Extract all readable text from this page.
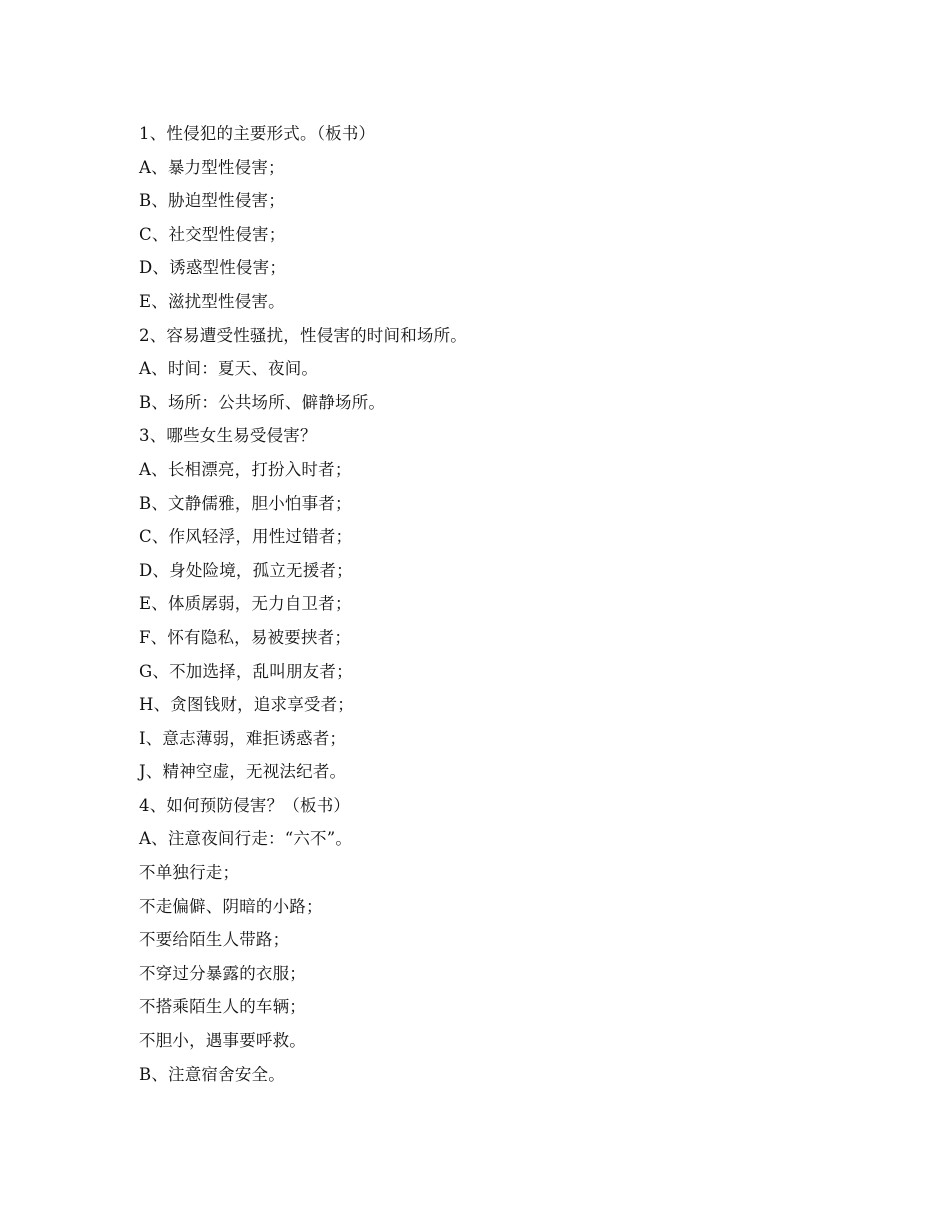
1、性侵犯的主要形式。（板书）
A、暴力型性侵害；
B、胁迫型性侵害；
C、社交型性侵害；
D、诱惑型性侵害；
E、滋扰型性侵害。
2、容易遭受性骚扰，性侵害的时间和场所。
A、时间：夏天、夜间。
B、场所：公共场所、僻静场所。
3、哪些女生易受侵害？
A、长相漂亮，打扮入时者；
B、文静儒雅，胆小怕事者；
C、作风轻浮，用性过错者；
D、身处险境，孤立无援者；
E、体质孱弱，无力自卫者；
F、怀有隐私，易被要挟者；
G、不加选择，乱叫朋友者；
H、贪图钱财，追求享受者；
I、意志薄弱，难拒诱惑者；
J、精神空虚，无视法纪者。
4、如何预防侵害？（板书）
A、注意夜间行走：“六不”。
不单独行走；
不走偏僻、阴暗的小路；
不要给陌生人带路；
不穿过分暴露的衣服；
不搭乘陌生人的车辆；
不胆小，遇事要呼救。
B、注意宿舍安全。
